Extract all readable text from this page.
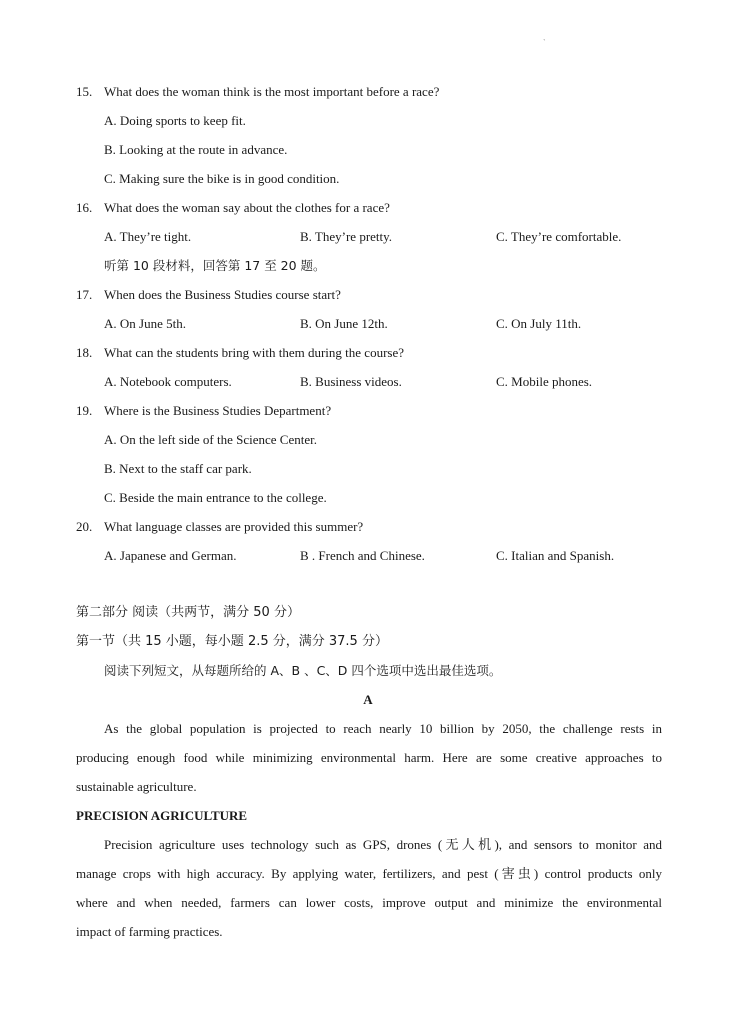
`
15. What does the woman think is the most important before a race?
A. Doing sports to keep fit.
B. Looking at the route in advance.
C. Making sure the bike is in good condition.
16. What does the woman say about the clothes for a race?
A. They’re tight.	B. They’re pretty.	C. They’re comfortable.
听第 10 段材料，回答第 17 至 20 题。
17. When does the Business Studies course start?
A. On June 5th.	B. On June 12th.	C. On July 11th.
18. What can the students bring with them during the course?
A. Notebook computers.	B. Business videos.	C. Mobile phones.
19. Where is the Business Studies Department?
A. On the left side of the Science Center.
B. Next to the staff car park.
C. Beside the main entrance to the college.
20. What language classes are provided this summer?
A. Japanese and German.	B . French and Chinese.	C. Italian and Spanish.
第二部分 阅读（共两节，满分 50 分）
第一节（共 15 小题，每小题 2.5 分，满分 37.5 分）
阅读下列短文，从每题所给的 A、B 、C、D 四个选项中选出最佳选项。
A
As the global population is projected to reach nearly 10 billion by 2050, the challenge rests in
producing enough food while minimizing environmental harm. Here are some creative approaches to
sustainable agriculture.
PRECISION AGRICULTURE
Precision agriculture uses technology such as GPS, drones (无人机), and sensors to monitor and
manage crops with high accuracy. By applying water, fertilizers, and pest (害虫) control products only
where and when needed, farmers can lower costs, improve output and minimize the environmental
impact of farming practices.
